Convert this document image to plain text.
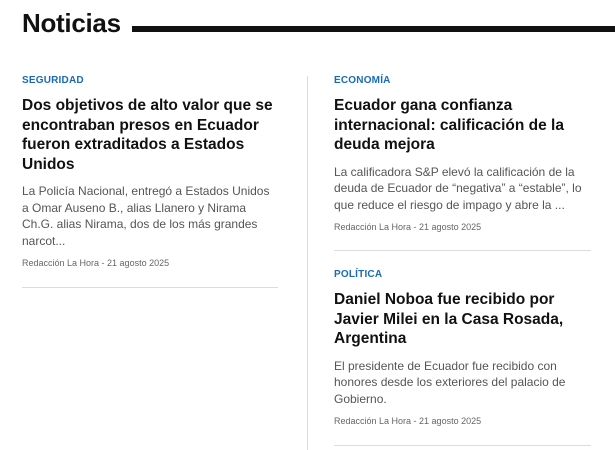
Noticias
SEGURIDAD
Dos objetivos de alto valor que se encontraban presos en Ecuador fueron extraditados a Estados Unidos

La Policía Nacional, entregó a Estados Unidos a Omar Auseno B., alias Llanero y Nirama Ch.G. alias Nirama, dos de los más grandes narcot...

Redacción La Hora - 21 agosto 2025
ECONOMÍA
Ecuador gana confianza internacional: calificación de la deuda mejora

La calificadora S&P elevó la calificación de la deuda de Ecuador de “negativa” a “estable”, lo que reduce el riesgo de impago y abre la ...

Redacción La Hora - 21 agosto 2025
POLÍTICA
Daniel Noboa fue recibido por Javier Milei en la Casa Rosada, Argentina

El presidente de Ecuador fue recibido con honores desde los exteriores del palacio de Gobierno.

Redacción La Hora - 21 agosto 2025
